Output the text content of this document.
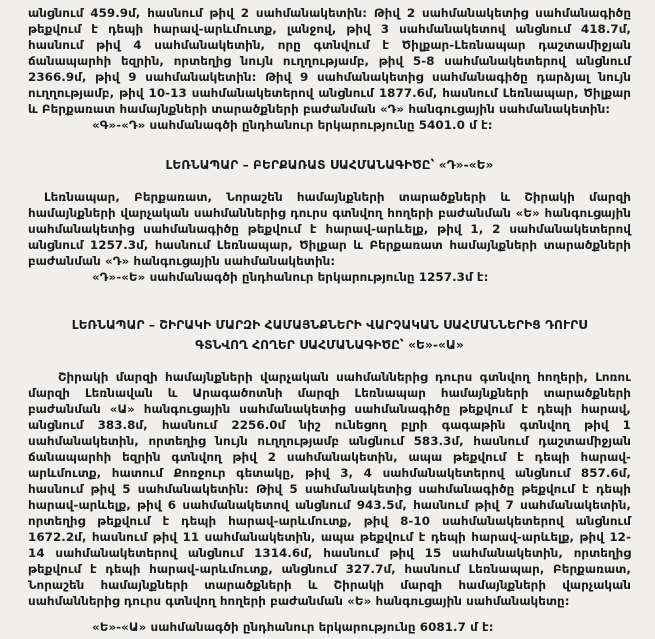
անցնում 459.9մ, հասնում թիվ 2 սահմանակետին: Թիվ 2 սահմանակետից սահմանագիծը թեքվում է դեպի հարավ-արևմուտք, լանջով, թիվ 3 սահմանակետով անցնում 418.7մ, հասնում թիվ 4 սահմանակետին, որը գտնվում է Ծիլքար-Լեռնապար դաշտամիջյան ճանապարհի եզրին, որտեղից նույն ուղղությամբ, թիվ 5-8 սահմանակետերով անցնում 2366.9մ, թիվ 9 սահմանակետին: Թիվ 9 սահմանակետից սահմանագիծը դարձյալ նույն ուղղությամբ, թիվ 10-13 սահմանակետերով անցնում 1877.6մ, հասնում Լեռնապար, Ծիլքար և Բերքառատ համայնքների տարածքների բաժանման «Դ» հանգուցային սահմանակետին:

«Գ»-«Դ» սահմանագծի ընդհանուր երկարությունը 5401.0 մ է:

ԼԵՌՆԱՊԱՐ – ԲԵՐՔԱՌԱՏ ՍԱՀՄԱՆԱԳԻԾԸ՝ «Դ»-«Ե»

Լեռնապար, Բերքառատ, Նորաշեն համայնքների տարածքների և Շիրակի մարզի համայնքների վարչական սահմաններից դուրս գտնվող հողերի բաժանման «Ե» հանգուցային սահմանակետից սահմանագիծը թեքվում է հարավ-արևելք, թիվ 1, 2 սահմանակետերով անցնում 1257.3մ, հասնում Լեռնապար, Ծիլքար և Բերքառատ համայնքների տարածքների բաժանման «Դ» հանգուցային սահմանակետին:

«Դ»-«Ե» սահմանագծի ընդհանուր երկարությունը 1257.3մ է:

ԼԵՌՆԱՊԱՐ – ՇԻՐԱԿԻ ՄԱՐԶԻ ՀԱՄԱՅՆՔՆԵՐԻ ՎԱՐՉԱԿԱՆ ՍԱՀՄԱՆՆԵՐԻՑ ԴՈՒՐՍ ԳՏՆՎՈՂ ՀՈՂԵՐ ՍԱՀՄԱՆԱԳԻԾԸ՝ «Ե»-«Ա»

Շիրակի մարզի համայնքների վարչական սահմաններից դուրս գտնվող հողերի, Լոռու մարզի Լեռնավան և Արագածոտնի մարզի Լեռնապար համայնքների տարածքների բաժանման «Ա» հանգուցային սահմանակետից սահմանագիծը թեքվում է դեպի հարավ, անցնում 383.8մ, հասնում 2256.0մ նիշ ունեցող բլրի գագաթին գտնվող թիվ 1 սահմանակետին, որտեղից նույն ուղղությամբ անցնում 583.3մ, հասնում դաշտամիջյան ճանապարհի եզրին գտնվող թիվ 2 սահմանակետին, ապա թեքվում է դեպի հարավ-արևմուտք, հատում Քոռջուր գետակը, թիվ 3, 4 սահմանակետերով անցնում 857.6մ, հասնում թիվ 5 սահմանակետին: Թիվ 5 սահմանակետից սահմանագիծը թեքվում է դեպի հարավ-արևելք, թիվ 6 սահմանակետով անցնում 943.5մ, հասնում թիվ 7 սահմանակետին, որտեղից թեքվում է դեպի հարավ-արևմուտք, թիվ 8-10 սահմանակետերով անցնում 1672.2մ, հասնում թիվ 11 սահմանակետին, ապա թեքվում է դեպի հարավ-արևելք, թիվ 12-14 սահմանակետերով անցնում 1314.6մ, հասնում թիվ 15 սահմանակետին, որտեղից թեքվում է դեպի հարավ-արևմուտք, անցնում 327.7մ, հասնում Լեռնապար, Բերքառատ, Նորաշեն համայնքների տարածքների և Շիրակի մարզի համայնքների վարչական սահմաններից դուրս գտնվող հողերի բաժանման «Ե» հանգուցային սահմանակետը:

«Ե»-«Ա» սահմանագծի ընդհանուր երկարությունը 6081.7 մ է:
